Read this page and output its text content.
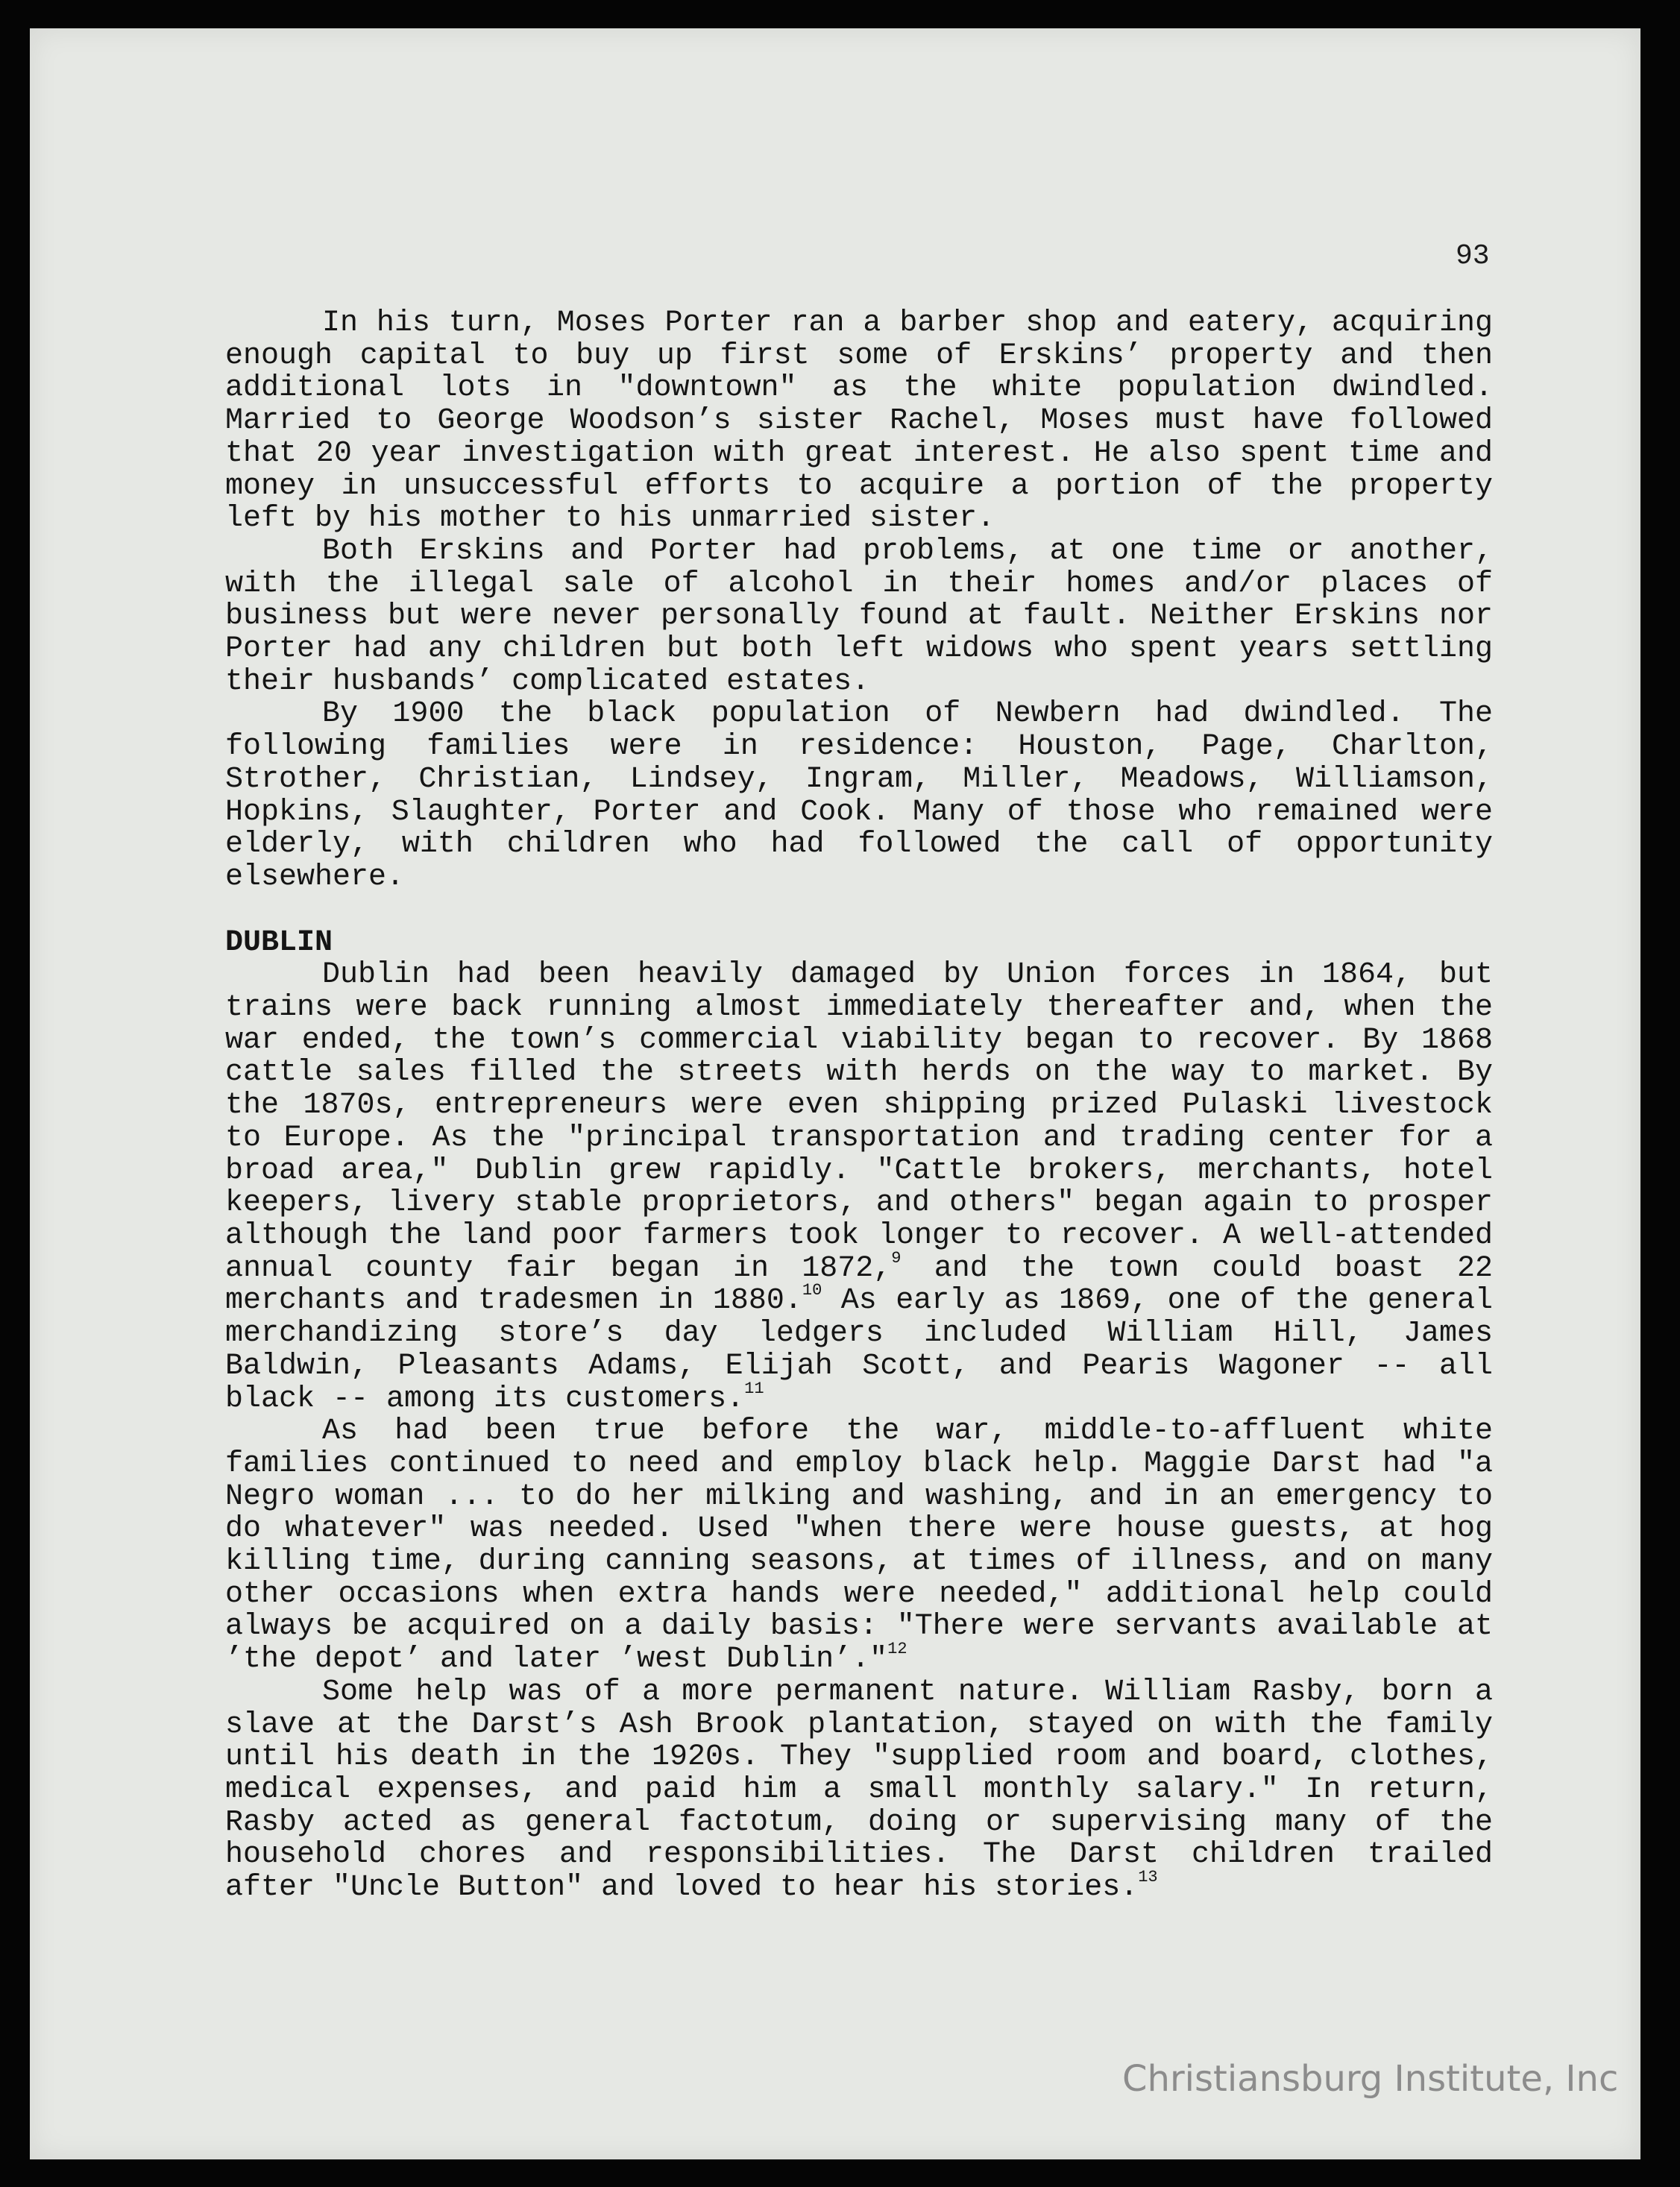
93

In his turn, Moses Porter ran a barber shop and eatery, acquiring enough capital to buy up first some of Erskins’ property and then additional lots in "downtown" as the white population dwindled. Married to George Woodson’s sister Rachel, Moses must have followed that 20 year investigation with great interest. He also spent time and money in unsuccessful efforts to acquire a portion of the property left by his mother to his unmarried sister.

Both Erskins and Porter had problems, at one time or another, with the illegal sale of alcohol in their homes and/or places of business but were never personally found at fault. Neither Erskins nor Porter had any children but both left widows who spent years settling their husbands’ complicated estates.

By 1900 the black population of Newbern had dwindled. The following families were in residence: Houston, Page, Charlton, Strother, Christian, Lindsey, Ingram, Miller, Meadows, Williamson, Hopkins, Slaughter, Porter and Cook. Many of those who remained were elderly, with children who had followed the call of opportunity elsewhere.

DUBLIN

Dublin had been heavily damaged by Union forces in 1864, but trains were back running almost immediately thereafter and, when the war ended, the town’s commercial viability began to recover. By 1868 cattle sales filled the streets with herds on the way to market. By the 1870s, entrepreneurs were even shipping prized Pulaski livestock to Europe. As the "principal transportation and trading center for a broad area," Dublin grew rapidly. "Cattle brokers, merchants, hotel keepers, livery stable proprietors, and others" began again to prosper although the land poor farmers took longer to recover. A well-attended annual county fair began in 1872,$^9$ and the town could boast 22 merchants and tradesmen in 1880.10 As early as 1869, one of the general merchandizing store’s day ledgers included William Hill, James Baldwin, Pleasants Adams, Elijah Scott, and Pearis Wagoner -- all black -- among its customers.$^{11}$

As had been true before the war, middle-to-affluent white families continued to need and employ black help. Maggie Darst had "a Negro woman ... to do her milking and washing, and in an emergency to do whatever" was needed. Used "when there were house guests, at hog killing time, during canning seasons, at times of illness, and on many other occasions when extra hands were needed," additional help could always be acquired on a daily basis: "There were servants available at ’the depot’ and later ’west Dublin’."$^{12}$

Some help was of a more permanent nature. William Rasby, born a slave at the Darst’s Ash Brook plantation, stayed on with the family until his death in the 1920s. They "supplied room and board, clothes, medical expenses, and paid him a small monthly salary." In return, Rasby acted as general factotum, doing or supervising many of the household chores and responsibilities. The Darst children trailed after "Uncle Button" and loved to hear his stories.$^{13}$

Christiansburg Institute, Inc
